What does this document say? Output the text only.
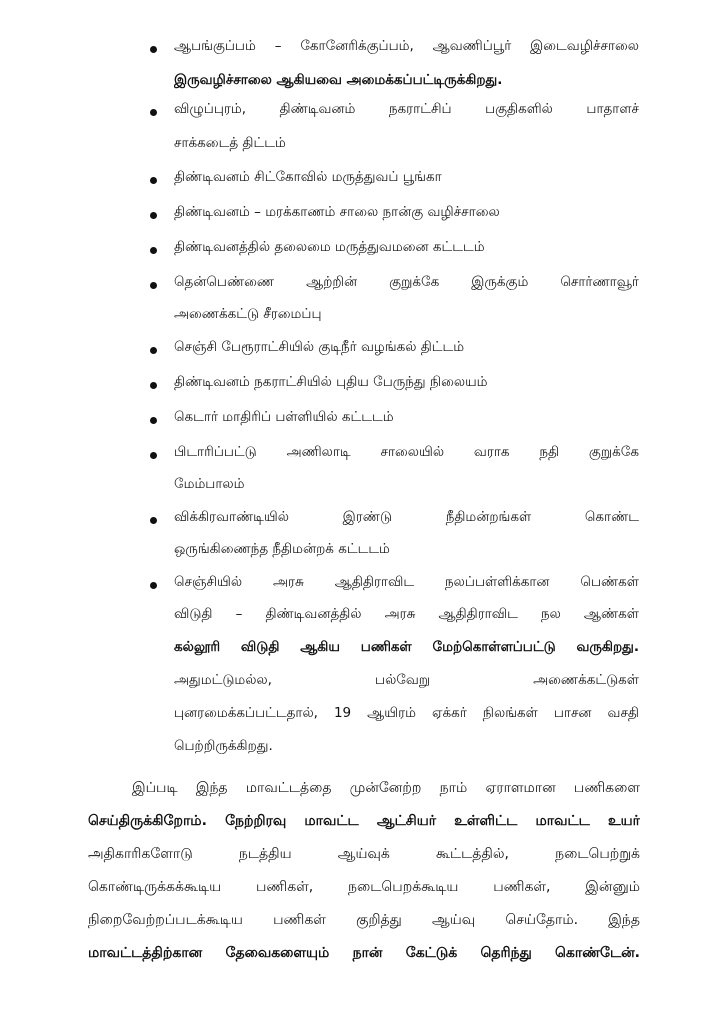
ஆபங்குப்பம் – கோனேரிக்குப்பம், ஆவணிப்பூர் இடைவழிச்சாலை
இருவழிச்சாலை ஆகியவை அமைக்கப்பட்டிருக்கிறது.
விழுப்புரம், திண்டிவனம் நகராட்சிப் பகுதிகளில் பாதாளச்
சாக்கடைத் திட்டம்
திண்டிவனம் சிட்கோவில் மருத்துவப் பூங்கா
திண்டிவனம் – மரக்காணம் சாலை நான்கு வழிச்சாலை
திண்டிவனத்தில் தலைமை மருத்துவமனை கட்டடம்
தென்பெண்ணை ஆற்றின் குறுக்கே இருக்கும் சொர்ணாவூர்
அணைக்கட்டு சீரமைப்பு
செஞ்சி பேரூராட்சியில் குடிநீர் வழங்கல் திட்டம்
திண்டிவனம் நகராட்சியில் புதிய பேருந்து நிலையம்
கெடார் மாதிரிப் பள்ளியில் கட்டடம்
பிடாரிப்பட்டு அணிலாடி சாலையில் வராக நதி குறுக்கே
மேம்பாலம்
விக்கிரவாண்டியில் இரண்டு நீதிமன்றங்கள் கொண்ட
ஒருங்கிணைந்த நீதிமன்றக் கட்டடம்
செஞ்சியில் அரசு ஆதிதிராவிட நலப்பள்ளிக்கான பெண்கள்
விடுதி – திண்டிவனத்தில் அரசு ஆதிதிராவிட நல ஆண்கள்
கல்லூரி விடுதி ஆகிய பணிகள் மேற்கொள்ளப்பட்டு வருகிறது.
அதுமட்டுமல்ல, பல்வேறு அணைக்கட்டுகள்
புனரமைக்கப்பட்டதால், 19 ஆயிரம் ஏக்கர் நிலங்கள் பாசன வசதி
பெற்றிருக்கிறது.
இப்படி இந்த மாவட்டத்தை முன்னேற்ற நாம் ஏராளமான பணிகளை
செய்திருக்கிறோம். நேற்றிரவு மாவட்ட ஆட்சியர் உள்ளிட்ட மாவட்ட உயர்
அதிகாரிகளோடு நடத்திய ஆய்வுக் கூட்டத்தில், நடைபெற்றுக்
கொண்டிருக்கக்கூடிய பணிகள், நடைபெறக்கூடிய பணிகள், இன்னும்
நிறைவேற்றப்படக்கூடிய பணிகள் குறித்து ஆய்வு செய்தோம். இந்த
மாவட்டத்திற்கான தேவைகளையும் நான் கேட்டுக் தெரிந்து கொண்டேன்.
